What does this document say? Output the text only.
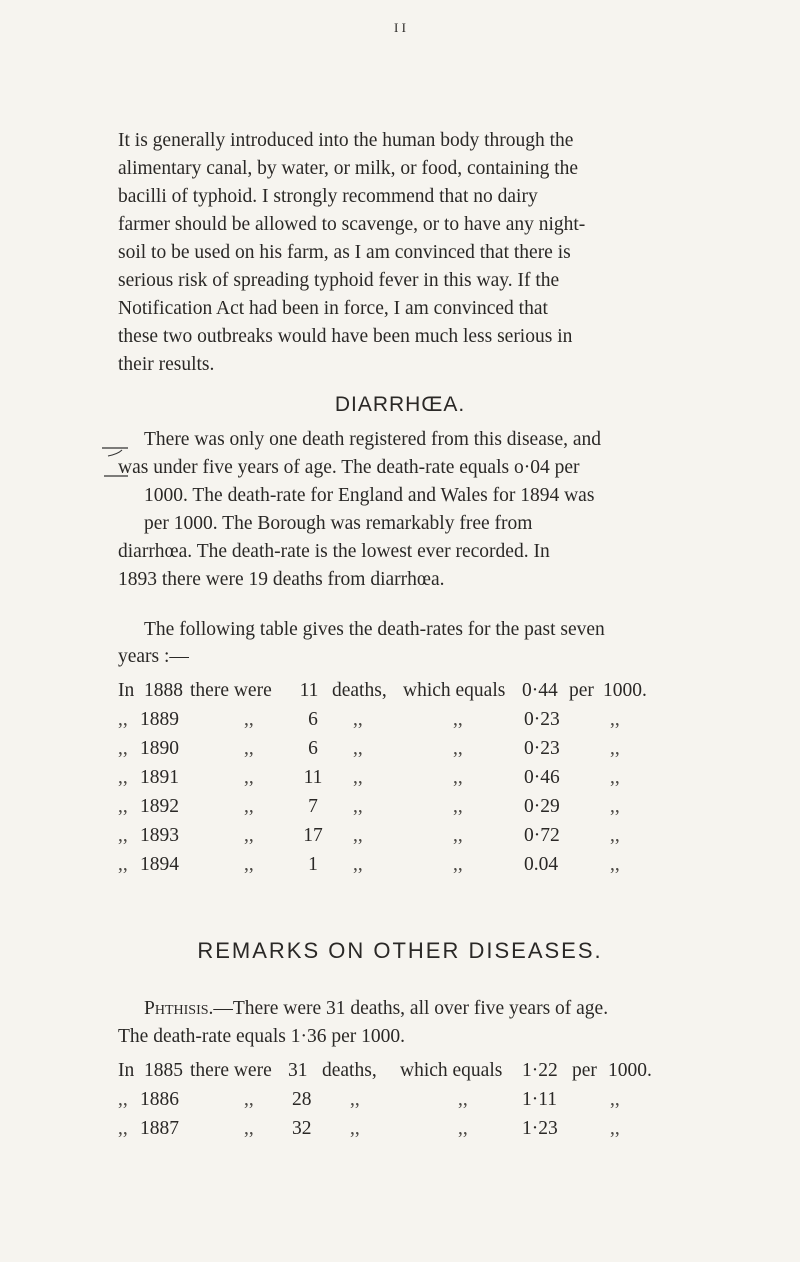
I I

It is generally introduced into the human body through the

alimentary canal, by water, or milk, or food, containing the

bacilli of typhoid. I strongly recommend that no dairy

farmer should be allowed to scavenge, or to have any night-

soil to be used on his farm, as I am convinced that there is

serious risk of spreading typhoid fever in this way. If the

Notification Act had been in force, I am convinced that

these two outbreaks would have been much less serious in

their results.

DIARRHŒA.

There was only one death registered from this disease, and

was under five years of age. The death-rate equals o·04 per

1000. The death-rate for England and Wales for 1894 was

per 1000. The Borough was remarkably free from

diarrhœa. The death-rate is the lowest ever recorded. In

1893 there were 19 deaths from diarrhœa.

The following table gives the death-rates for the past seven

years :—

In 1888 there were 11 deaths, which equals 0·44 per 1000.
,, 1889	,,	6	,,	,,	0·23	,,
,, 1890	,,	6	,,	,,	0·23	,,
,, 1891	,,	11 ,,	,,	0·46	,,
,, 1892	,,	7	,,	,,	0·29	,,
,, 1893	,,	17 ,,	,,	0·72	,,
,, 1894	,,	1	,,	,,	0.04	,,
REMARKS ON OTHER DISEASES.

Phthisis.—There were 31 deaths, all over five years of age.

The death-rate equals 1·36 per 1000.

In 1885 there were 31 deaths, which equals 1·22 per 1000.
,, 1886	,, 28 ,,	,,	1·11	,,
,, 1887	,, 32 ,,	,,	1·23	,,
